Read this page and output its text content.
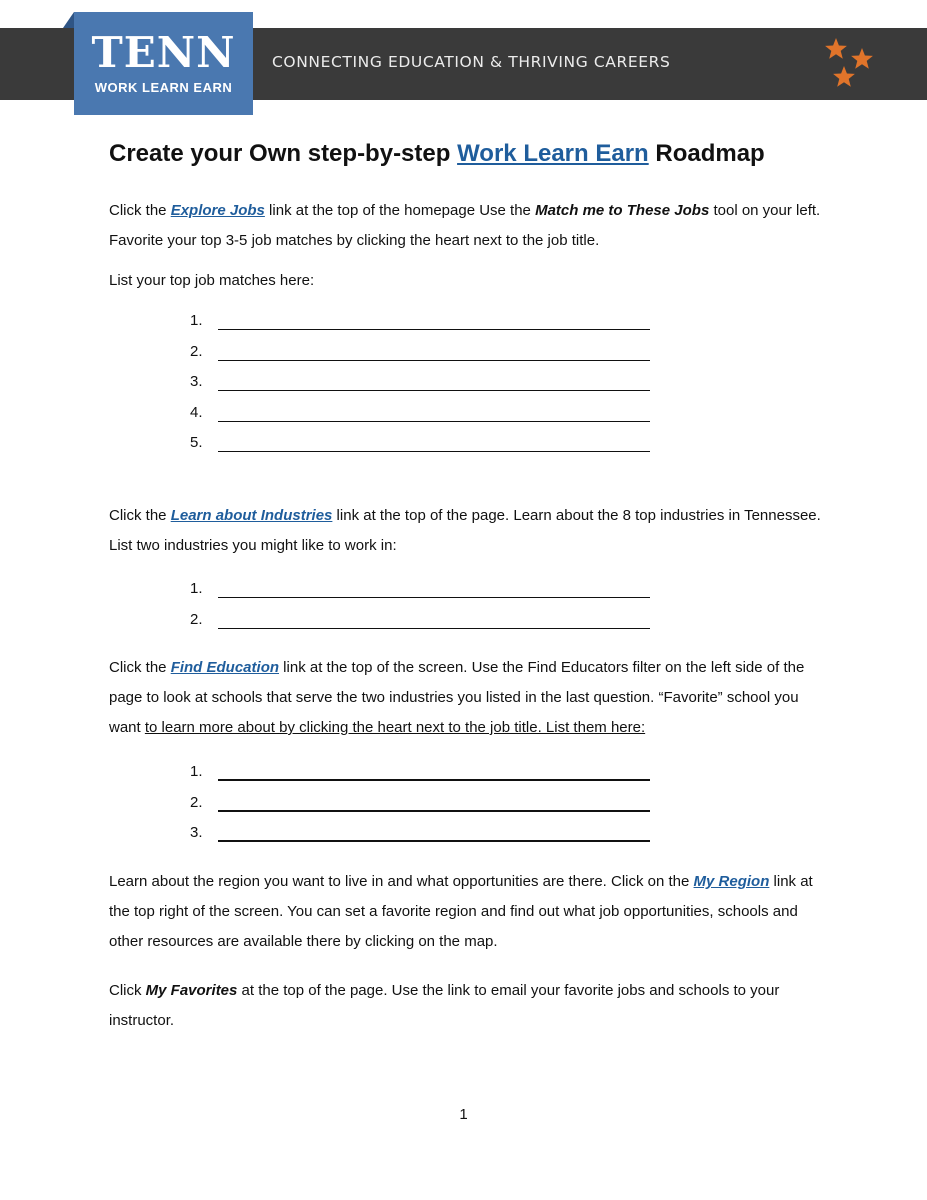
TENN
WORK LEARN EARN
CONNECTING EDUCATION & THRIVING CAREERS
Create your Own step-by-step Work Learn Earn Roadmap
Click the Explore Jobs link at the top of the homepage Use the Match me to These Jobs tool on your left. Favorite your top 3-5 job matches by clicking the heart next to the job title.
List your top job matches here:
1.
2.
3.
4.
5.
Click the Learn about Industries link at the top of the page. Learn about the 8 top industries in Tennessee. List two industries you might like to work in:
1.
2.
Click the Find Education link at the top of the screen. Use the Find Educators filter on the left side of the page to look at schools that serve the two industries you listed in the last question. “Favorite” school you want to learn more about by clicking the heart next to the job title. List them here:
1.
2.
3.
Learn about the region you want to live in and what opportunities are there. Click on the My Region link at the top right of the screen. You can set a favorite region and find out what job opportunities, schools and other resources are available there by clicking on the map.
Click My Favorites at the top of the page. Use the link to email your favorite jobs and schools to your instructor.
1
